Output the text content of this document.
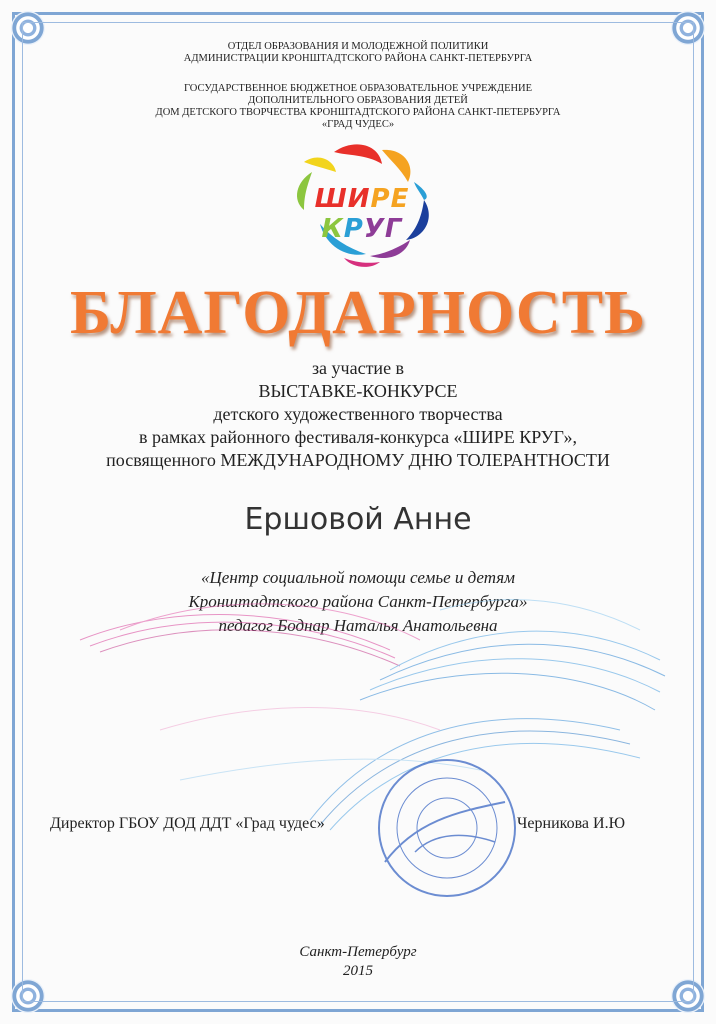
ОТДЕЛ ОБРАЗОВАНИЯ И МОЛОДЕЖНОЙ ПОЛИТИКИ
АДМИНИСТРАЦИИ КРОНШТАДТСКОГО РАЙОНА САНКТ-ПЕТЕРБУРГА
ГОСУДАРСТВЕННОЕ БЮДЖЕТНОЕ ОБРАЗОВАТЕЛЬНОЕ УЧРЕЖДЕНИЕ
ДОПОЛНИТЕЛЬНОГО ОБРАЗОВАНИЯ ДЕТЕЙ
ДОМ ДЕТСКОГО ТВОРЧЕСТВА КРОНШТАДТСКОГО РАЙОНА САНКТ-ПЕТЕРБУРГА
«ГРАД ЧУДЕС»
ШИРЕ КРУГ
БЛАГОДАРНОСТЬ
за участие в
ВЫСТАВКЕ-КОНКУРСЕ
детского художественного творчества
в рамках районного фестиваля-конкурса «ШИРЕ КРУГ»,
посвященного МЕЖДУНАРОДНОМУ ДНЮ ТОЛЕРАНТНОСТИ
Ершовой Анне
«Центр социальной помощи семье и детям
Кронштадтского района Санкт-Петербурга»
педагог Боднар Наталья Анатольевна
Директор ГБОУ ДОД ДДТ «Град чудес»	Черникова И.Ю
Санкт-Петербург
2015
